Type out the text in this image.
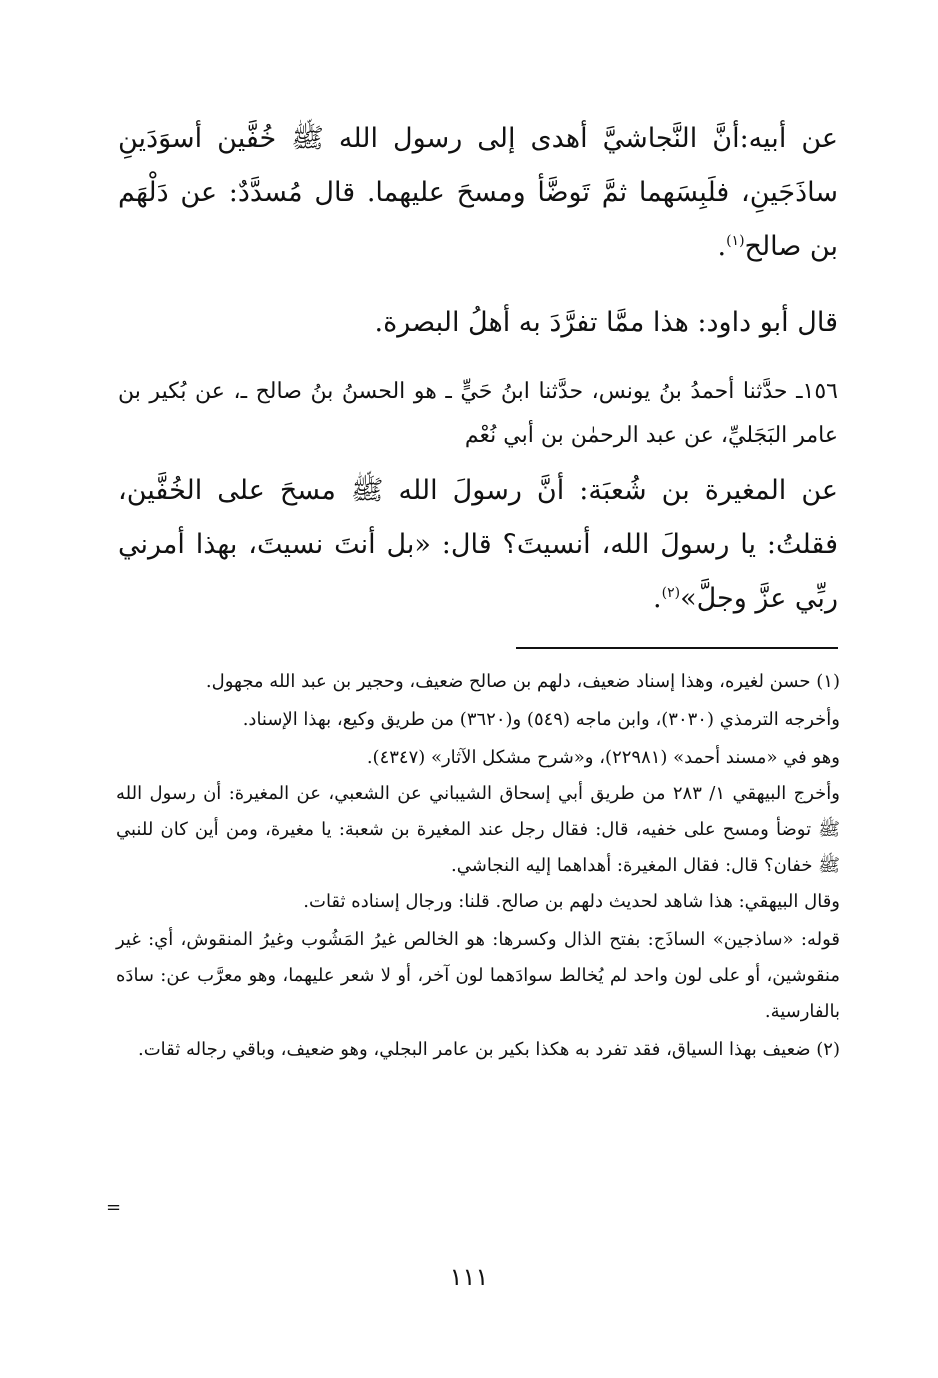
عن أبيه:أنَّ النَّجاشيَّ أهدى إلى رسول الله ﷺ خُفَّين أسوَدَينِ ساذَجَينِ، فلَبِسَهما ثمَّ تَوضَّأ ومسحَ عليهما. قال مُسدَّدٌ: عن دَلْهَم بن صالح$^{(١)}$.

قال أبو داود: هذا ممَّا تفرَّدَ به أهلُ البصرة.

١٥٦ـ حدَّثنا أحمدُ بنُ يونس، حدَّثنا ابنُ حَيٍّ ـ هو الحسنُ بنُ صالح ـ، عن بُكير بن عامر البَجَليِّ، عن عبد الرحمٰن بن أبي نُعْم

عن المغيرة بن شُعبَة: أنَّ رسولَ الله ﷺ مسحَ على الخُفَّين، فقلتُ: يا رسولَ الله، أنسيتَ؟ قال: «بل أنتَ نسيتَ، بهذا أمرني ربِّي عزَّ وجلَّ»$^{(٢)}$.

(١) حسن لغيره، وهذا إسناد ضعيف، دلهم بن صالح ضعيف، وحجير بن عبد الله مجهول.

وأخرجه الترمذي (٣٠٣٠)، وابن ماجه (٥٤٩) و(٣٦٢٠) من طريق وكيع، بهذا الإسناد.

وهو في «مسند أحمد» (٢٢٩٨١)، و«شرح مشكل الآثار» (٤٣٤٧).

وأخرج البيهقي ١/ ٢٨٣ من طريق أبي إسحاق الشيباني عن الشعبي، عن المغيرة: أن رسول الله ﷺ توضأ ومسح على خفيه، قال: فقال رجل عند المغيرة بن شعبة: يا مغيرة، ومن أين كان للنبي ﷺ خفان؟ قال: فقال المغيرة: أهداهما إليه النجاشي.

وقال البيهقي: هذا شاهد لحديث دلهم بن صالح. قلنا: ورجال إسناده ثقات.

قوله: «ساذجين» الساذَج: بفتح الذال وكسرها: هو الخالص غيرُ المَشُوب وغيرُ المنقوش، أي: غير منقوشين، أو على لون واحد لم يُخالط سوادَهما لون آخر، أو لا شعر عليهما، وهو معرَّب عن: سادَه بالفارسية.

(٢) ضعيف بهذا السياق، فقد تفرد به هكذا بكير بن عامر البجلي، وهو ضعيف، وباقي رجاله ثقات.

=
١١١
